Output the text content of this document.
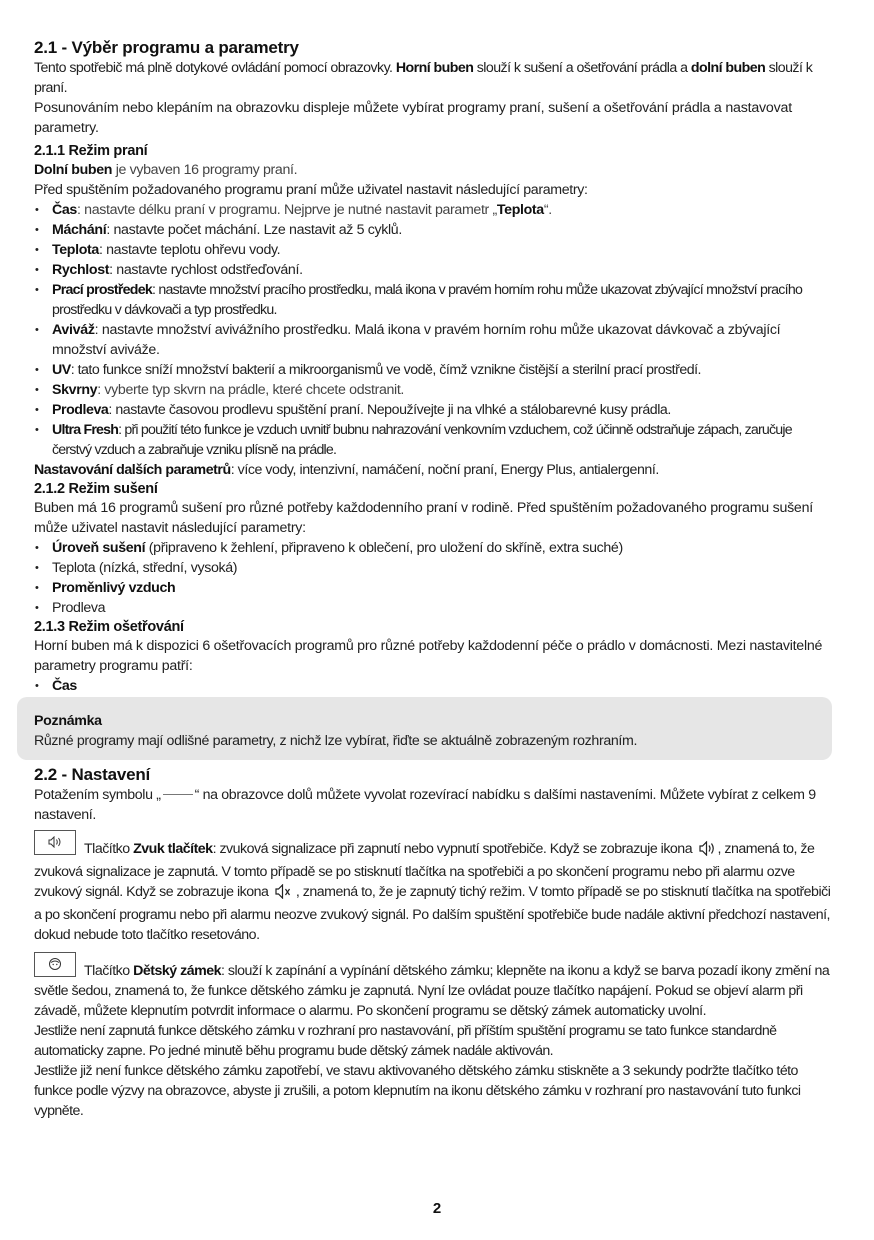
2.1 - Výběr programu a parametry

Tento spotřebič má plně dotykové ovládání pomocí obrazovky. Horní buben slouží k sušení a ošetřování prádla a dolní buben slouží k praní.

Posunováním nebo klepáním na obrazovku displeje můžete vybírat programy praní, sušení a ošetřování prádla a nastavovat parametry.

2.1.1 Režim praní

Dolní buben je vybaven 16 programy praní.

Před spuštěním požadovaného programu praní může uživatel nastavit následující parametry:

• Čas: nastavte délku praní v programu. Nejprve je nutné nastavit parametr „Teplota“.
• Máchání: nastavte počet máchání. Lze nastavit až 5 cyklů.
• Teplota: nastavte teplotu ohřevu vody.
• Rychlost: nastavte rychlost odstřeďování.
• Prací prostředek: nastavte množství pracího prostředku, malá ikona v pravém horním rohu může ukazovat zbývající množství pracího prostředku v dávkovači a typ prostředku.
• Aviváž: nastavte množství avivážního prostředku. Malá ikona v pravém horním rohu může ukazovat dávkovač a zbývající množství aviváže.
• UV: tato funkce sníží množství bakterií a mikroorganismů ve vodě, čímž vznikne čistější a sterilní prací prostředí.
• Skvrny: vyberte typ skvrn na prádle, které chcete odstranit.
• Prodleva: nastavte časovou prodlevu spuštění praní. Nepoužívejte ji na vlhké a stálobarevné kusy prádla.
• Ultra Fresh: při použití této funkce je vzduch uvnitř bubnu nahrazování venkovním vzduchem, což účinně odstraňuje zápach, zaručuje čerstvý vzduch a zabraňuje vzniku plísně na prádle.

Nastavování dalších parametrů: více vody, intenzivní, namáčení, noční praní, Energy Plus, antialergenní.

2.1.2 Režim sušení

Buben má 16 programů sušení pro různé potřeby každodenního praní v rodině. Před spuštěním požadovaného programu sušení může uživatel nastavit následující parametry:

• Úroveň sušení (připraveno k žehlení, připraveno k oblečení, pro uložení do skříně, extra suché)
• Teplota (nízká, střední, vysoká)
• Proměnlivý vzduch
• Prodleva
2.1.3 Režim ošetřování

Horní buben má k dispozici 6 ošetřovacích programů pro různé potřeby každodenní péče o prádlo v domácnosti. Mezi nastavitelné parametry programu patří:

• Čas
Poznámka

Různé programy mají odlišné parametry, z nichž lze vybírat, řiďte se aktuálně zobrazeným rozhraním.

2.2 - Nastavení

Potažením symbolu „ “ na obrazovce dolů můžete vyvolat rozevírací nabídku s dalšími nastaveními. Můžete vybírat z celkem 9 nastavení.

Tlačítko Zvuk tlačítek: zvuková signalizace při zapnutí nebo vypnutí spotřebiče. Když se zobrazuje ikona , znamená to, že zvuková signalizace je zapnutá. V tomto případě se po stisknutí tlačítka na spotřebiči a po skončení programu nebo při alarmu ozve zvukový signál. Když se zobrazuje ikona , znamená to, že je zapnutý tichý režim. V tomto případě se po stisknutí tlačítka na spotřebiči a po skončení programu nebo při alarmu neozve zvukový signál. Po dalším spuštění spotřebiče bude nadále aktivní předchozí nastavení, dokud nebude toto tlačítko resetováno.

Tlačítko Dětský zámek: slouží k zapínání a vypínání dětského zámku; klepněte na ikonu a když se barva pozadí ikony změní na světle šedou, znamená to, že funkce dětského zámku je zapnutá. Nyní lze ovládat pouze tlačítko napájení. Pokud se objeví alarm při závadě, můžete klepnutím potvrdit informace o alarmu. Po skončení programu se dětský zámek automaticky uvolní.

Jestliže není zapnutá funkce dětského zámku v rozhraní pro nastavování, při příštím spuštění programu se tato funkce standardně automaticky zapne. Po jedné minutě běhu programu bude dětský zámek nadále aktivován.

Jestliže již není funkce dětského zámku zapotřebí, ve stavu aktivovaného dětského zámku stiskněte a 3 sekundy podržte tlačítko této funkce podle výzvy na obrazovce, abyste ji zrušili, a potom klepnutím na ikonu dětského zámku v rozhraní pro nastavování tuto funkci vypněte.

2
